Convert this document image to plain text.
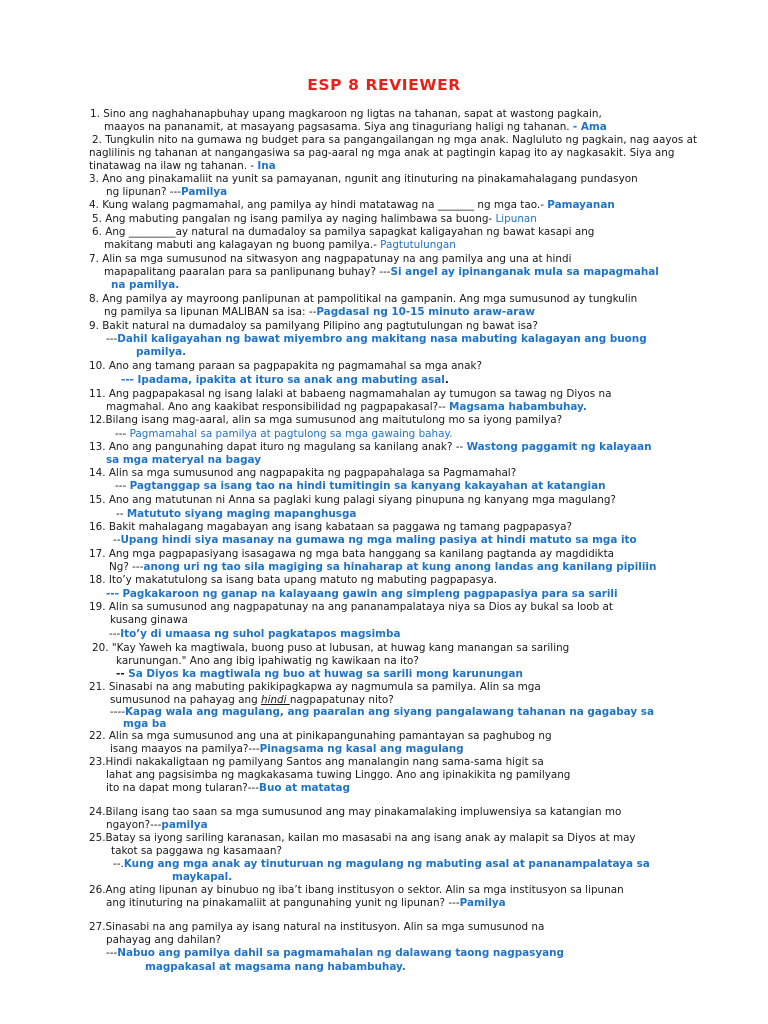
ESP 8 REVIEWER
1. Sino ang naghahanapbuhay upang magkaroon ng ligtas na tahanan, sapat at wastong pagkain,
maayos na pananamit, at masayang pagsasama. Siya ang tinaguriang haligi ng tahanan. - Ama
2. Tungkulin nito na gumawa ng budget para sa pangangailangan ng mga anak. Nagluluto ng pagkain, nag aayos at
naglilinis ng tahanan at nangangasiwa sa pag-aaral ng mga anak at pagtingin kapag ito ay nagkasakit. Siya ang
tinatawag na ilaw ng tahanan. - Ina
3. Ano ang pinakamaliit na yunit sa pamayanan, ngunit ang itinuturing na pinakamahalagang pundasyon
ng lipunan? ---Pamilya
4. Kung walang pagmamahal, ang pamilya ay hindi matatawag na _______ ng mga tao.- Pamayanan
5. Ang mabuting pangalan ng isang pamilya ay naging halimbawa sa buong- Lipunan
6. Ang _________ay natural na dumadaloy sa pamilya sapagkat kaligayahan ng bawat kasapi ang
makitang mabuti ang kalagayan ng buong pamilya.- Pagtutulungan
7. Alin sa mga sumusunod na sitwasyon ang nagpapatunay na ang pamilya ang una at hindi
mapapalitang paaralan para sa panlipunang buhay? ---Si angel ay ipinanganak mula sa mapagmahal
na pamilya.
8. Ang pamilya ay mayroong panlipunan at pampolitikal na gampanin. Ang mga sumusunod ay tungkulin
ng pamilya sa lipunan MALIBAN sa isa: --Pagdasal ng 10-15 minuto araw-araw
9. Bakit natural na dumadaloy sa pamilyang Pilipino ang pagtutulungan ng bawat isa?
---Dahil kaligayahan ng bawat miyembro ang makitang nasa mabuting kalagayan ang buong
pamilya.
10. Ano ang tamang paraan sa pagpapakita ng pagmamahal sa mga anak?
--- Ipadama, ipakita at ituro sa anak ang mabuting asal.
11. Ang pagpapakasal ng isang lalaki at babaeng nagmamahalan ay tumugon sa tawag ng Diyos na
magmahal. Ano ang kaakibat responsibilidad ng pagpapakasal?-- Magsama habambuhay.
12.Bilang isang mag-aaral, alin sa mga sumusunod ang maitutulong mo sa iyong pamilya?
--- Pagmamahal sa pamilya at pagtulong sa mga gawaing bahay.
13. Ano ang pangunahing dapat ituro ng magulang sa kanilang anak? -- Wastong paggamit ng kalayaan
sa mga materyal na bagay
14. Alin sa mga sumusunod ang nagpapakita ng pagpapahalaga sa Pagmamahal?
--- Pagtanggap sa isang tao na hindi tumitingin sa kanyang kakayahan at katangian
15. Ano ang matutunan ni Anna sa paglaki kung palagi siyang pinupuna ng kanyang mga magulang?
-- Matututo siyang maging mapanghusga
16. Bakit mahalagang magabayan ang isang kabataan sa paggawa ng tamang pagpapasya?
--Upang hindi siya masanay na gumawa ng mga maling pasiya at hindi matuto sa mga ito
17. Ang mga pagpapasiyang isasagawa ng mga bata hanggang sa kanilang pagtanda ay magdidikta
Ng? ---anong uri ng tao sila magiging sa hinaharap at kung anong landas ang kanilang pipiliin
18. Ito’y makatutulong sa isang bata upang matuto ng mabuting pagpapasya.
--- Pagkakaroon ng ganap na kalayaang gawin ang simpleng pagpapasiya para sa sarili
19. Alin sa sumusunod ang nagpapatunay na ang pananampalataya niya sa Dios ay bukal sa loob at
kusang ginawa
---Ito’y di umaasa ng suhol pagkatapos magsimba
20. "Kay Yaweh ka magtiwala, buong puso at lubusan, at huwag kang manangan sa sariling
karunungan." Ano ang ibig ipahiwatig ng kawikaan na ito?
-- Sa Diyos ka magtiwala ng buo at huwag sa sarili mong karunungan
21. Sinasabi na ang mabuting pakikipagkapwa ay nagmumula sa pamilya. Alin sa mga
sumusunod na pahayag ang hindi nagpapatunay nito?
----Kapag wala ang magulang, ang paaralan ang siyang pangalawang tahanan na gagabay sa
mga ba
22. Alin sa mga sumusunod ang una at pinikapangunahing pamantayan sa paghubog ng
isang maayos na pamilya?---Pinagsama ng kasal ang magulang
23.Hindi nakakaligtaan ng pamilyang Santos ang manalangin nang sama-sama higit sa
lahat ang pagsisimba ng magkakasama tuwing Linggo. Ano ang ipinakikita ng pamilyang
ito na dapat mong tularan?---Buo at matatag
24.Bilang isang tao saan sa mga sumusunod ang may pinakamalaking impluwensiya sa katangian mo
ngayon?---pamilya
25.Batay sa iyong sariling karanasan, kailan mo masasabi na ang isang anak ay malapit sa Diyos at may
takot sa paggawa ng kasamaan?
--.Kung ang mga anak ay tinuturuan ng magulang ng mabuting asal at pananampalataya sa
maykapal.
26.Ang ating lipunan ay binubuo ng iba’t ibang institusyon o sektor. Alin sa mga institusyon sa lipunan
ang itinuturing na pinakamaliit at pangunahing yunit ng lipunan? ---Pamilya
27.Sinasabi na ang pamilya ay isang natural na institusyon. Alin sa mga sumusunod na
pahayag ang dahilan?
---Nabuo ang pamilya dahil sa pagmamahalan ng dalawang taong nagpasyang
magpakasal at magsama nang habambuhay.
